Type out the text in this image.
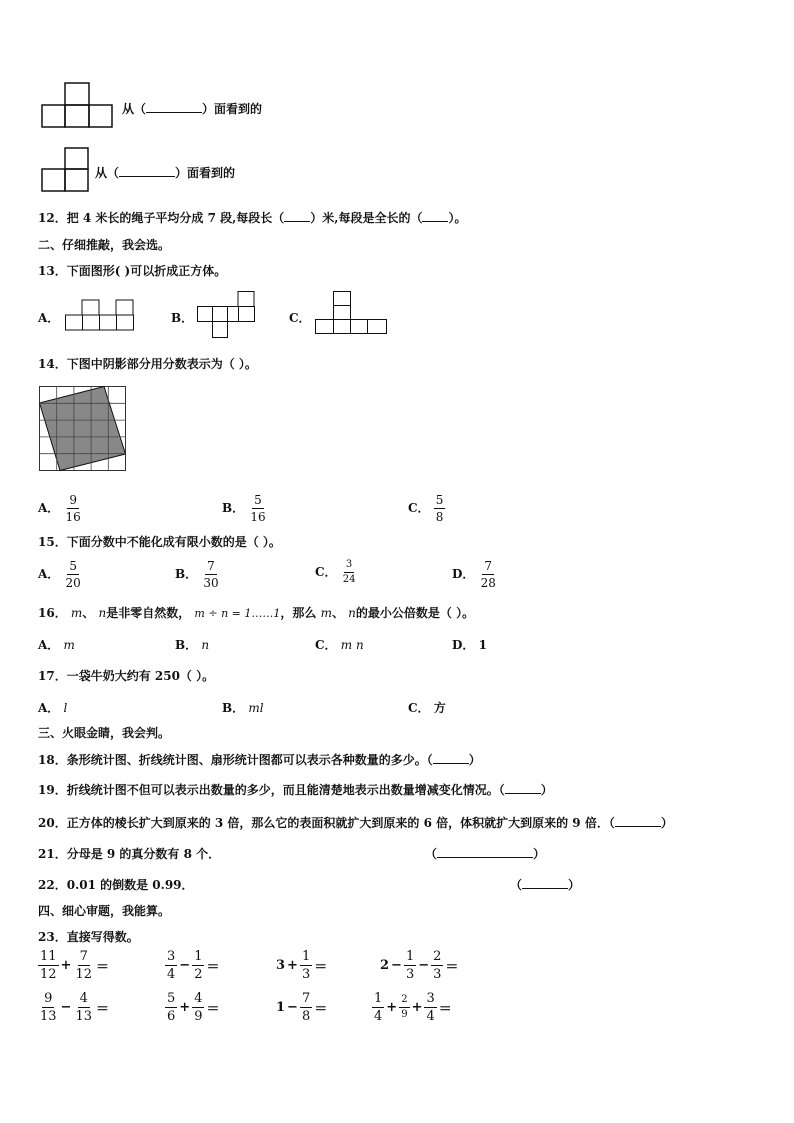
从（	）面看到的
从（	）面看到的
12．把 4 米长的绳子平均分成 7 段,每段长（ ）米,每段是全长的（ ）。
二、仔细推敲，我会选。
13．下面图形( )可以折成正方体。
A．	B．	C．
14．下图中阴影部分用分数表示为（ ）。
A． $\frac{9}{16}$	B． $\frac{5}{16}$	C． $\frac{5}{8}$
15．下面分数中不能化成有限小数的是（ ）。
A． $\frac{5}{20}$	B． $\frac{7}{30}$	C． $\frac{3}{24}$	D． $\frac{7}{28}$
16． m、 n是非零自然数， m ÷ n = 1……1，那么 m、 n的最小公倍数是（ ）。
A． m	B． n	C． m n	D． 1
17．一袋牛奶大约有 250（ ）。
A． l	B． ml	C． 方
三、火眼金睛，我会判。
18．条形统计图、折线统计图、扇形统计图都可以表示各种数量的多少。（	）
19．折线统计图不但可以表示出数量的多少，而且能清楚地表示出数量增减变化情况。（	）
20．正方体的棱长扩大到原来的 3 倍，那么它的表面积就扩大到原来的 6 倍，体积就扩大到原来的 9 倍．（	）
21．分母是 9 的真分数有 8 个．	（	）
22．0.01 的倒数是 0.99．	（	）
四、细心审题，我能算。
23．直接写得数。
$\frac{11}{12} + \frac{7}{12}$ ＝	$\frac{3}{4} - \frac{1}{2}$ ＝	$3 + \frac{1}{3}$ ＝	$2 - \frac{1}{3} - \frac{2}{3}$ ＝
$\frac{9}{13} - \frac{4}{13}$ ＝	$\frac{5}{6} + \frac{4}{9}$ ＝	$1 - \frac{7}{8}$ ＝	$\frac{1}{4} + \frac{2}{9} + \frac{3}{4}$ ＝
